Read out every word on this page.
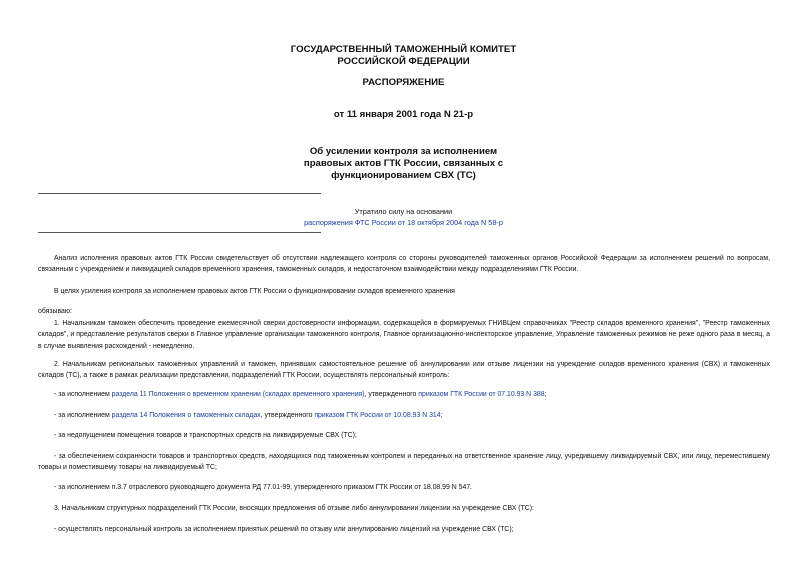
ГОСУДАРСТВЕННЫЙ ТАМОЖЕННЫЙ КОМИТЕТ
РОССИЙСКОЙ ФЕДЕРАЦИИ
РАСПОРЯЖЕНИЕ
от 11 января 2001 года N 21-р
Об усилении контроля за исполнением
правовых актов ГТК России, связанных с
функционированием СВХ (ТС)
Утратило силу на основании
распоряжения ФТС России от 18 октября 2004 года N 58-р

Анализ исполнения правовых актов ГТК России свидетельствует об отсутствии надлежащего контроля со стороны руководителей таможенных органов Российской Федерации за исполнением решений по вопросам, связанным с учреждением и ликвидацией складов временного хранения, таможенных складов, и недостаточном взаимодействии между подразделениями ГТК России.

В целях усиления контроля за исполнением правовых актов ГТК России о функционировании складов временного хранения

обязываю:

1. Начальникам таможен обеспечить проведение ежемесячной сверки достоверности информации, содержащейся в формируемых ГНИВЦем справочниках "Реестр складов временного хранения", "Реестр таможенных складов", и представление результатов сверки в Главное управление организации таможенного контроля, Главное организационно-инспекторское управление, Управление таможенных режимов не реже одного раза в месяц, а в случае выявления расхождений - немедленно.

2. Начальникам региональных таможенных управлений и таможен, принявших самостоятельное решение об аннулировании или отзыве лицензии на учреждение складов временного хранения (СВХ) и таможенных складов (ТС), а также в рамках реализации представлении, подразделений ГТК России, осуществлять персональный контроль:

- за исполнением раздела 11 Положения о временном хранении (складах временного хранения), утвержденного приказом ГТК России от 07.10.93 N 388;

- за исполнением раздела 14 Положения о таможенных складах, утвержденного приказом ГТК России от 10.08.93 N 314;

- за недопущением помещения товаров и транспортных средств на ликвидируемые СВХ (ТС);

- за обеспечением сохранности товаров и транспортных средств, находящихся под таможенным контролем и переданных на ответственное хранение лицу, учредившему ликвидируемый СВХ, или лицу, переместившему товары и поместившему товары на ликвидируемый ТС;

- за исполнением п.3.7 отраслевого руководящего документа РД 77.01-99, утвержденного приказом ГТК России от 18.08.99 N 547.

3. Начальникам структурных подразделений ГТК России, вносящих предложения об отзыве либо аннулировании лицензии на учреждение СВХ (ТС):

- осуществлять персональный контроль за исполнением принятых решений по отзыву или аннулированию лицензий на учреждение СВХ (ТС);
